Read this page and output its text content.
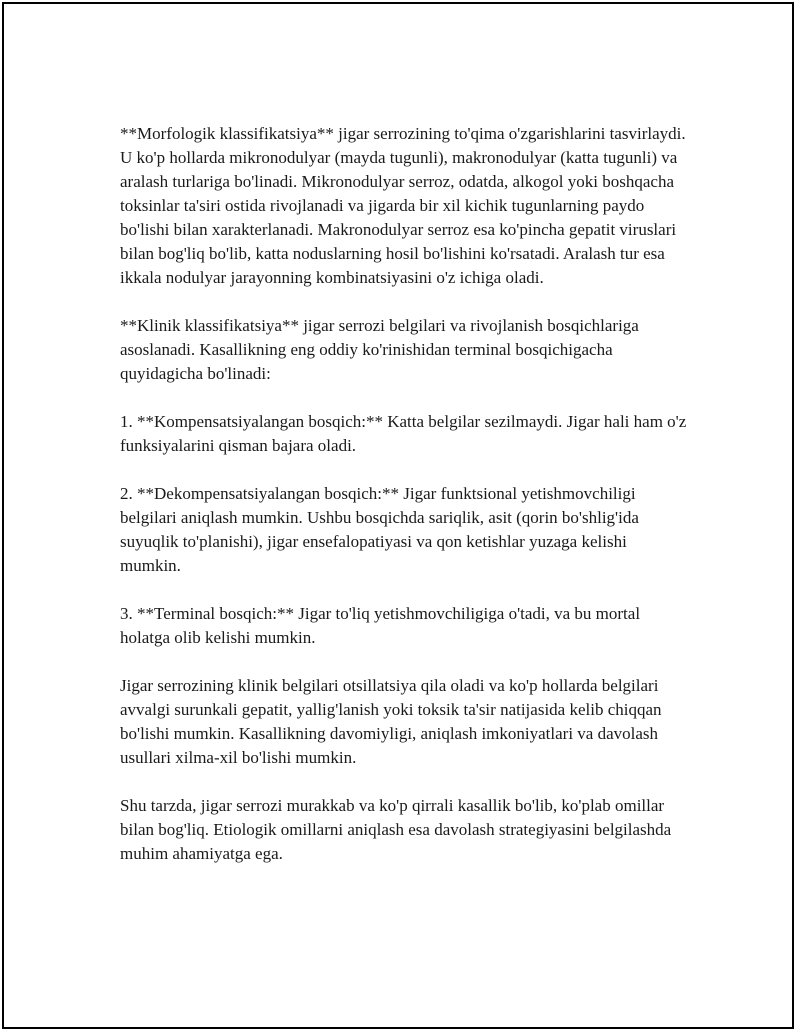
**Morfologik klassifikatsiya** jigar serrozining to'qima o'zgarishlarini tasvirlaydi. U ko'p hollarda mikronodulyar (mayda tugunli), makronodulyar (katta tugunli) va aralash turlariga bo'linadi. Mikronodulyar serroz, odatda, alkogol yoki boshqacha toksinlar ta'siri ostida rivojlanadi va jigarda bir xil kichik tugunlarning paydo bo'lishi bilan xarakterlanadi. Makronodulyar serroz esa ko'pincha gepatit viruslari bilan bog'liq bo'lib, katta noduslarning hosil bo'lishini ko'rsatadi. Aralash tur esa ikkala nodulyar jarayonning kombinatsiyasini o'z ichiga oladi.

**Klinik klassifikatsiya** jigar serrozi belgilari va rivojlanish bosqichlariga asoslanadi. Kasallikning eng oddiy ko'rinishidan terminal bosqichigacha quyidagicha bo'linadi:

1. **Kompensatsiyalangan bosqich:** Katta belgilar sezilmaydi. Jigar hali ham o'z funksiyalarini qisman bajara oladi.

2. **Dekompensatsiyalangan bosqich:** Jigar funktsional yetishmovchiligi belgilari aniqlash mumkin. Ushbu bosqichda sariqlik, asit (qorin bo'shlig'ida suyuqlik to'planishi), jigar ensefalopatiyasi va qon ketishlar yuzaga kelishi mumkin.

3. **Terminal bosqich:** Jigar to'liq yetishmovchiligiga o'tadi, va bu mortal holatga olib kelishi mumkin.

Jigar serrozining klinik belgilari otsillatsiya qila oladi va ko'p hollarda belgilari avvalgi surunkali gepatit, yallig'lanish yoki toksik ta'sir natijasida kelib chiqqan bo'lishi mumkin. Kasallikning davomiyligi, aniqlash imkoniyatlari va davolash usullari xilma-xil bo'lishi mumkin.

Shu tarzda, jigar serrozi murakkab va ko'p qirrali kasallik bo'lib, ko'plab omillar bilan bog'liq. Etiologik omillarni aniqlash esa davolash strategiyasini belgilashda muhim ahamiyatga ega.
